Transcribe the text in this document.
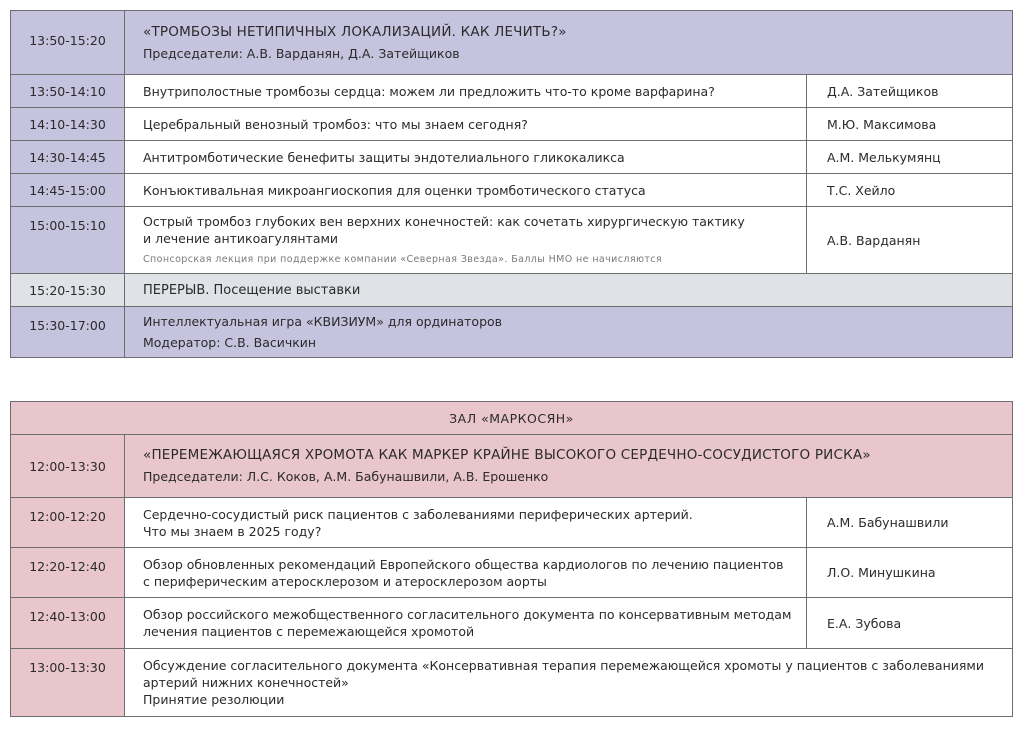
13:50-15:20	«ТРОМБОЗЫ НЕТИПИЧНЫХ ЛОКАЛИЗАЦИЙ. КАК ЛЕЧИТЬ?»
Председатели: А.В. Варданян, Д.А. Затейщиков	

13:50-14:10	Внутриполостные тромбозы сердца: можем ли предложить что-то кроме варфарина?	Д.А. Затейщиков
14:10-14:30	Церебральный венозный тромбоз: что мы знаем сегодня?	М.Ю. Максимова
14:30-14:45	Антитромботические бенефиты защиты эндотелиального гликокаликса	А.М. Мелькумянц
14:45-15:00	Конъюктивальная микроангиоскопия для оценки тромботического статуса	Т.С. Хейло
15:00-15:10	Острый тромбоз глубоких вен верхних конечностей: как сочетать хирургическую тактику
и лечение антикоагулянтами
Спонсорская лекция при поддержке компании «Северная Звезда». Баллы НМО не начисляются	А.В. Варданян
15:20-15:30	ПЕРЕРЫВ. Посещение выставки	
15:30-17:00	Интеллектуальная игра «КВИЗИУМ» для ординаторов
Модератор: С.В. Васичкин	
ЗАЛ «МАРКОСЯН»		
12:00-13:30	«ПЕРЕМЕЖАЮЩАЯСЯ ХРОМОТА КАК МАРКЕР КРАЙНЕ ВЫСОКОГО СЕРДЕЧНО-СОСУДИСТОГО РИСКА»
Председатели: Л.С. Коков, А.М. Бабунашвили, А.В. Ерошенко	

12:00-12:20	Сердечно-сосудистый риск пациентов с заболеваниями периферических артерий.
Что мы знаем в 2025 году?	А.М. Бабунашвили
12:20-12:40	Обзор обновленных рекомендаций Европейского общества кардиологов по лечению пациентов
с периферическим атеросклерозом и атеросклерозом аорты	Л.О. Минушкина
12:40-13:00	Обзор российского межобщественного согласительного документа по консервативным методам
лечения пациентов с перемежающейся хромотой	Е.А. Зубова
13:00-13:30	Обсуждение согласительного документа «Консервативная терапия перемежающейся хромоты у пациентов с заболеваниями
артерий нижних конечностей»
Принятие резолюции	
